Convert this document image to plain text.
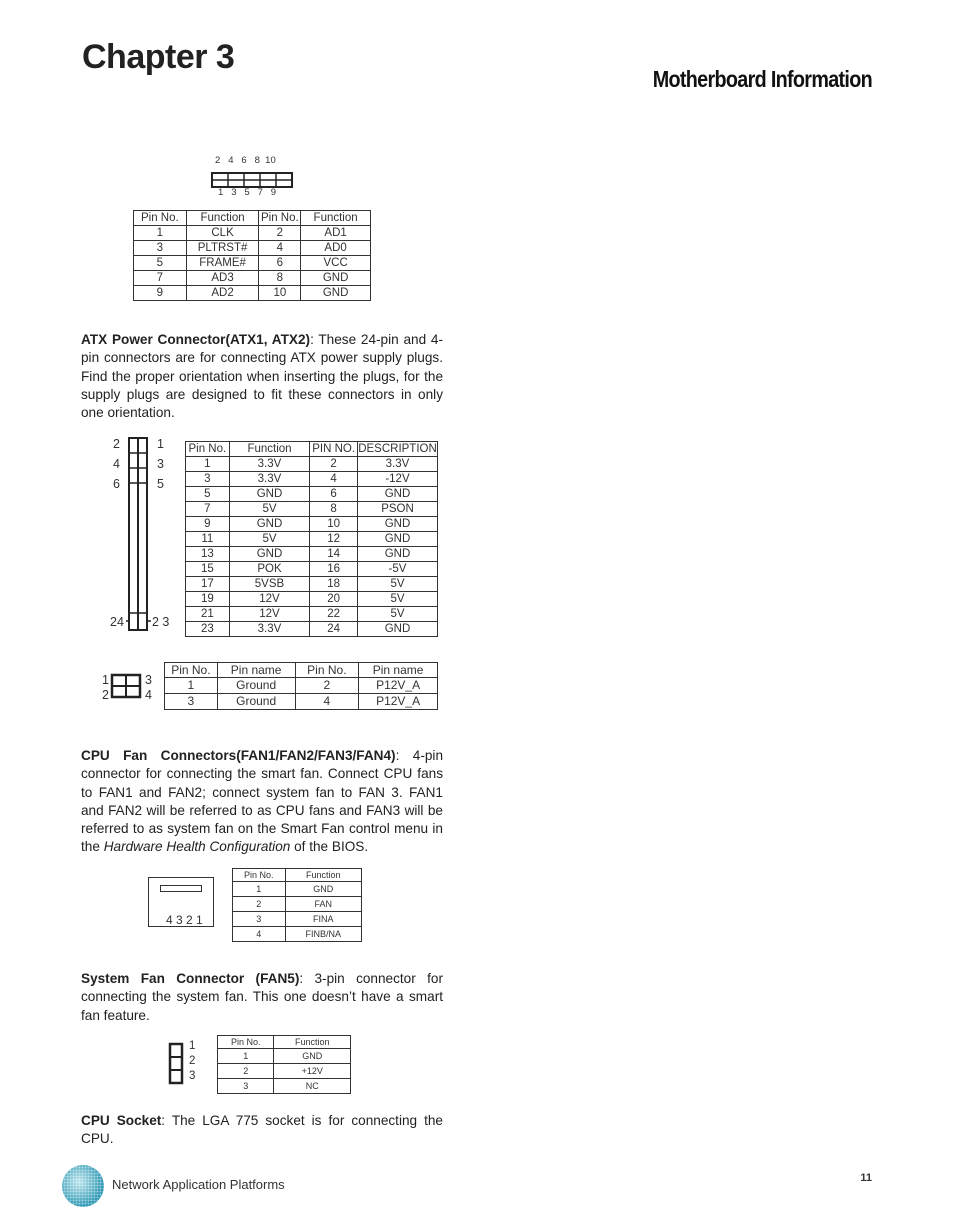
Chapter 3
Motherboard Information
2   4   6   8  10
1   3   5   7   9
Pin No.	Function	Pin No.	Function
1	CLK	2	AD1
3	PLTRST#	4	AD0
5	FRAME#	6	VCC
7	AD3	8	GND
9	AD2	10	GND

ATX Power Connector(ATX1, ATX2): These 24-pin and 4-pin connectors are for connecting ATX power supply plugs. Find the proper orientation when inserting the plugs, for the supply plugs are designed to fit these connectors in only one orientation.

2
4
6
1
3
5
24 2 3
Pin No.	Function	PIN NO.	DESCRIPTION
1	3.3V	2	3.3V
3	3.3V	4	-12V
5	GND	6	GND
7	5V	8	PSON
9	GND	10	GND
11	5V	12	GND
13	GND	14	GND
15	POK	16	-5V
17	5VSB	18	5V
19	12V	20	5V
21	12V	22	5V
23	3.3V	24	GND
1
2
3
4
Pin No.	Pin name	Pin No.	Pin name
1	Ground	2	P12V_A
3	Ground	4	P12V_A

CPU Fan Connectors(FAN1/FAN2/FAN3/FAN4): 4-pin connector for connecting the smart fan. Connect CPU fans to FAN1 and FAN2; connect system fan to FAN 3. FAN1 and FAN2 will be referred to as CPU fans and FAN3 will be referred to as system fan on the Smart Fan control menu in the Hardware Health Configuration of the BIOS.

4 3 2 1
Pin No.	Function
1	GND
2	FAN
3	FINA
4	FINB/NA

System Fan Connector (FAN5): 3-pin connector for connecting the system fan. This one doesn’t have a smart fan feature.

1
2
3
Pin No.	Function
1	GND
2	+12V
3	NC

CPU Socket: The LGA 775 socket is for connecting the CPU.

Network Application Platforms	11
